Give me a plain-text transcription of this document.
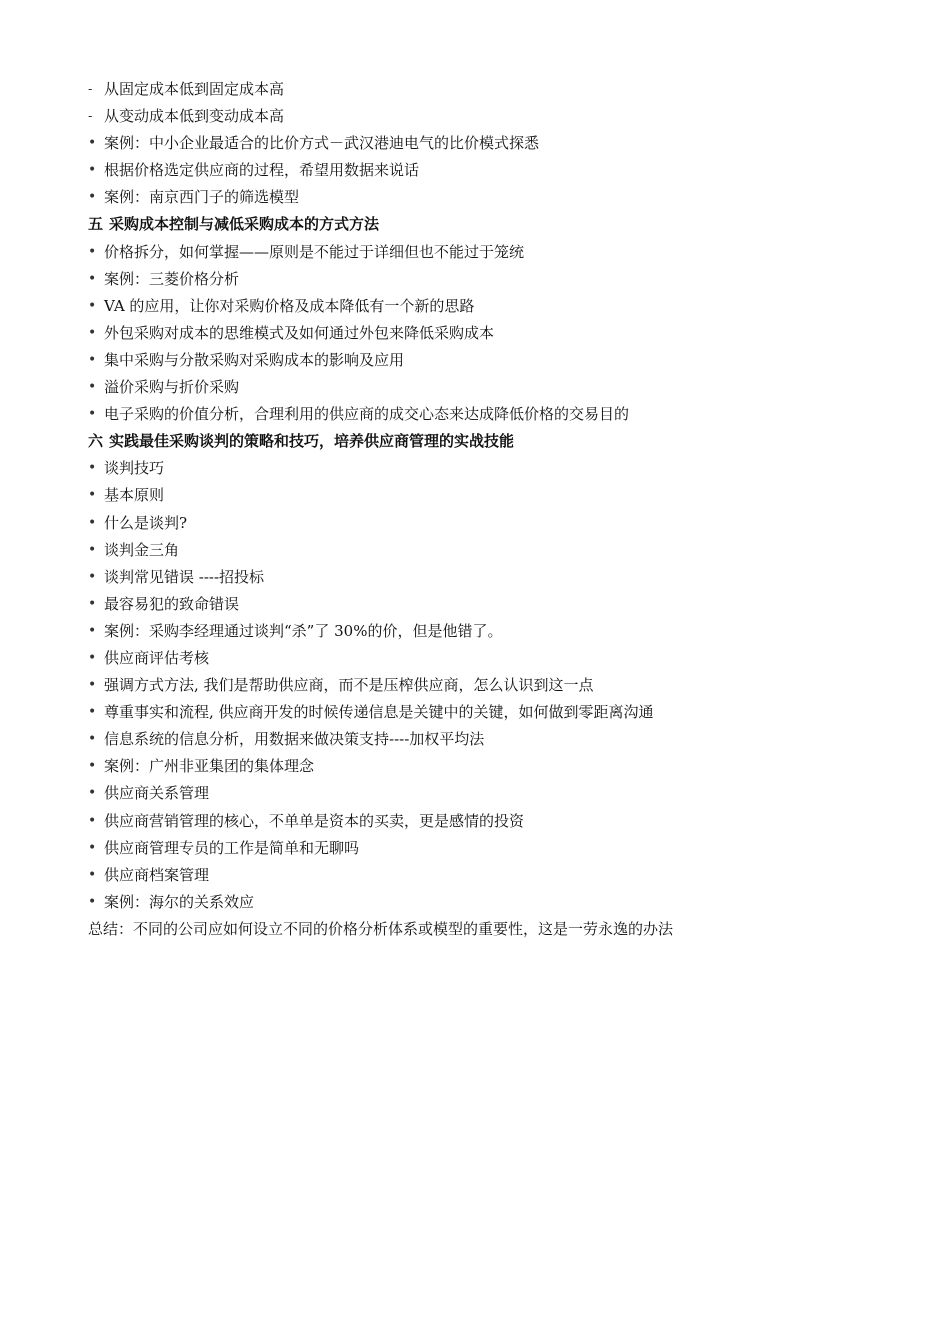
- 从固定成本低到固定成本高
- 从变动成本低到变动成本高
• 案例：中小企业最适合的比价方式－武汉港迪电气的比价模式探悉
• 根据价格选定供应商的过程，希望用数据来说话
• 案例：南京西门子的筛选模型
五 采购成本控制与减低采购成本的方式方法
• 价格拆分，如何掌握——原则是不能过于详细但也不能过于笼统
• 案例：三菱价格分析
• VA 的应用，让你对采购价格及成本降低有一个新的思路
• 外包采购对成本的思维模式及如何通过外包来降低采购成本
• 集中采购与分散采购对采购成本的影响及应用
• 溢价采购与折价采购
• 电子采购的价值分析，合理利用的供应商的成交心态来达成降低价格的交易目的
六 实践最佳采购谈判的策略和技巧，培养供应商管理的实战技能
• 谈判技巧
• 基本原则
• 什么是谈判?
• 谈判金三角
• 谈判常见错误 ----招投标
• 最容易犯的致命错误
• 案例：采购李经理通过谈判“杀”了 30%的价，但是他错了。
• 供应商评估考核
• 强调方式方法, 我们是帮助供应商，而不是压榨供应商，怎么认识到这一点
• 尊重事实和流程, 供应商开发的时候传递信息是关键中的关键，如何做到零距离沟通
• 信息系统的信息分析，用数据来做决策支持----加权平均法
• 案例：广州非亚集团的集体理念
• 供应商关系管理
• 供应商营销管理的核心，不单单是资本的买卖，更是感情的投资
• 供应商管理专员的工作是简单和无聊吗
• 供应商档案管理
• 案例：海尔的关系效应
总结：不同的公司应如何设立不同的价格分析体系或模型的重要性，这是一劳永逸的办法
